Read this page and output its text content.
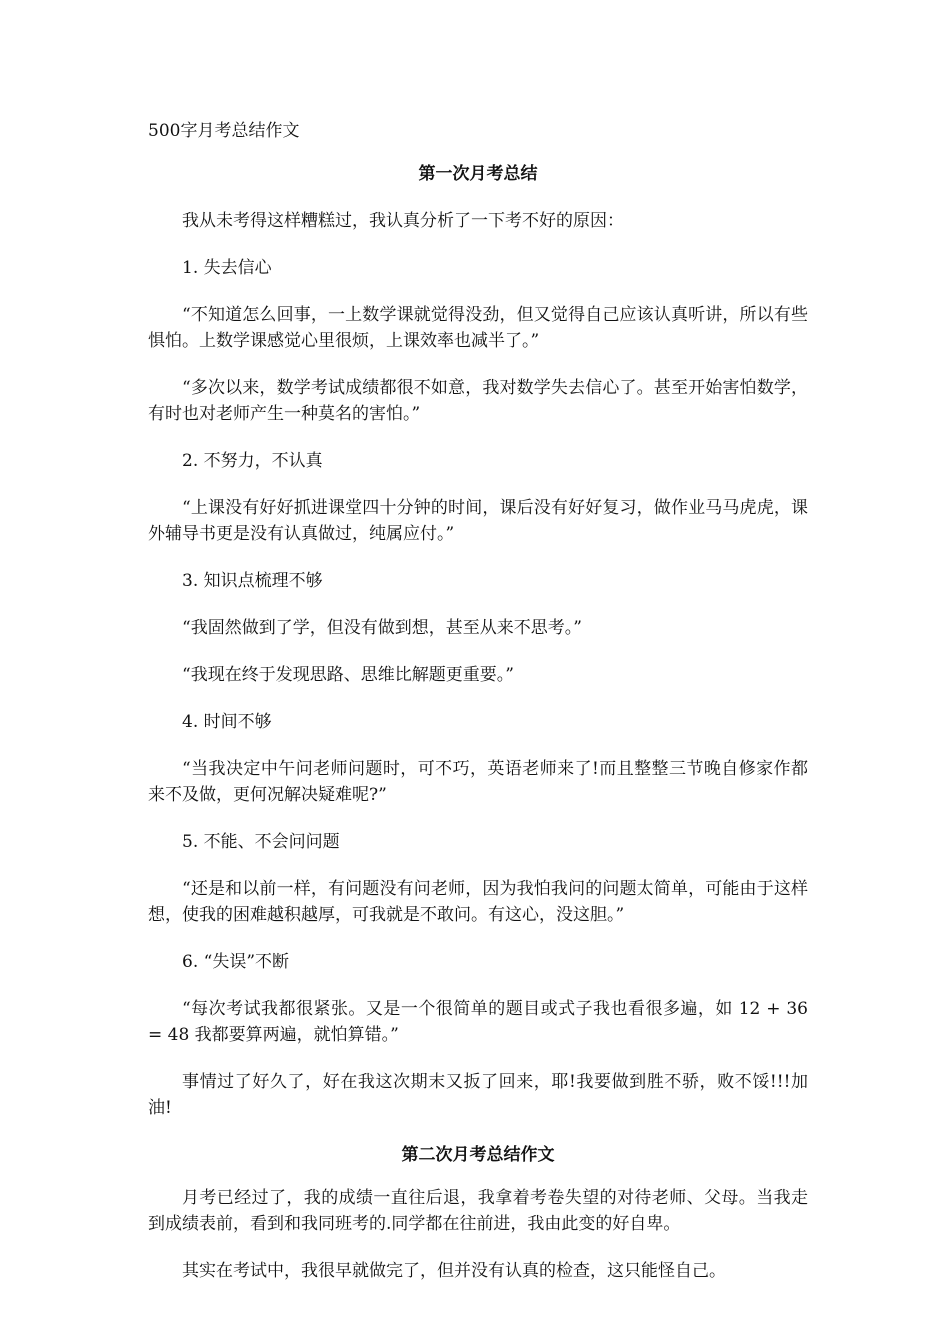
500字月考总结作文

第一次月考总结

我从未考得这样糟糕过，我认真分析了一下考不好的原因：

1. 失去信心

“不知道怎么回事，一上数学课就觉得没劲，但又觉得自己应该认真听讲，所以有些惧怕。上数学课感觉心里很烦，上课效率也减半了。”

“多次以来，数学考试成绩都很不如意，我对数学失去信心了。甚至开始害怕数学，有时也对老师产生一种莫名的害怕。”

2. 不努力，不认真

“上课没有好好抓进课堂四十分钟的时间，课后没有好好复习，做作业马马虎虎，课外辅导书更是没有认真做过，纯属应付。”

3. 知识点梳理不够

“我固然做到了学，但没有做到想，甚至从来不思考。”

“我现在终于发现思路、思维比解题更重要。”

4. 时间不够

“当我决定中午问老师问题时，可不巧，英语老师来了!而且整整三节晚自修家作都来不及做，更何况解决疑难呢?”

5. 不能、不会问问题

“还是和以前一样，有问题没有问老师，因为我怕我问的问题太简单，可能由于这样想，使我的困难越积越厚，可我就是不敢问。有这心，没这胆。”

6. “失误”不断

“每次考试我都很紧张。又是一个很简单的题目或式子我也看很多遍，如 12 + 36 = 48 我都要算两遍，就怕算错。”

事情过了好久了，好在我这次期末又扳了回来，耶!我要做到胜不骄，败不馁!!!加油!

第二次月考总结作文

月考已经过了，我的成绩一直往后退，我拿着考卷失望的对待老师、父母。当我走到成绩表前，看到和我同班考的.同学都在往前进，我由此变的好自卑。

其实在考试中，我很早就做完了，但并没有认真的检查，这只能怪自己。
